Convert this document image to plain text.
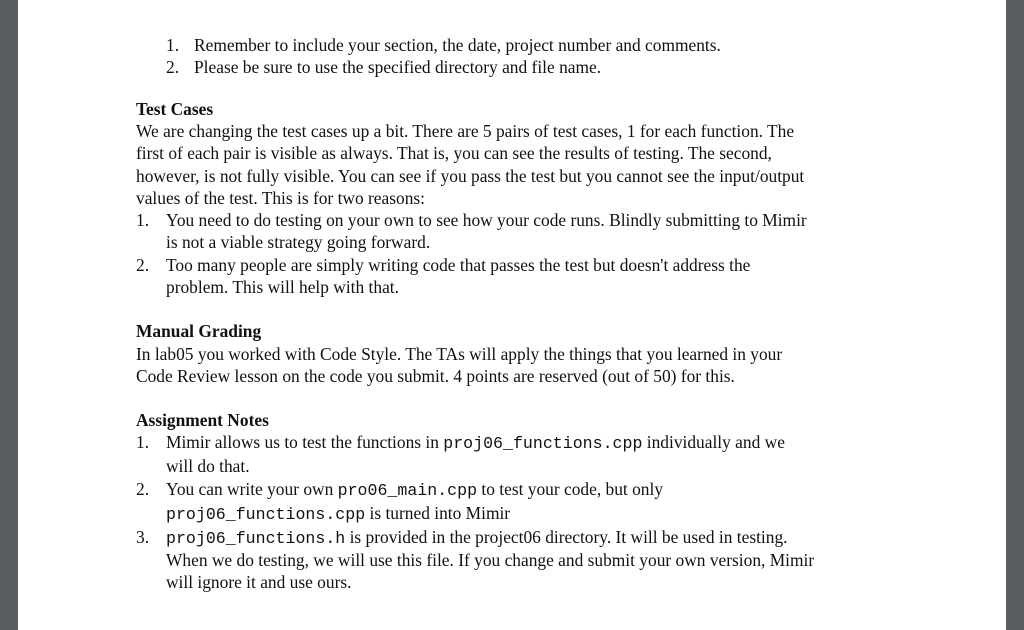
1. Remember to include your section, the date, project number and comments.
2. Please be sure to use the specified directory and file name.
Test Cases
We are changing the test cases up a bit. There are 5 pairs of test cases, 1 for each function. The
first of each pair is visible as always. That is, you can see the results of testing. The second,
however, is not fully visible. You can see if you pass the test but you cannot see the input/output
values of the test. This is for two reasons:
1. You need to do testing on your own to see how your code runs. Blindly submitting to Mimir
is not a viable strategy going forward.
2. Too many people are simply writing code that passes the test but doesn't address the
problem. This will help with that.
Manual Grading
In lab05 you worked with Code Style. The TAs will apply the things that you learned in your
Code Review lesson on the code you submit. 4 points are reserved (out of 50) for this.
Assignment Notes
1. Mimir allows us to test the functions in proj06_functions.cpp individually and we
will do that.
2. You can write your own pro06_main.cpp to test your code, but only
proj06_functions.cpp is turned into Mimir
3. proj06_functions.h is provided in the project06 directory. It will be used in testing.
When we do testing, we will use this file. If you change and submit your own version, Mimir
will ignore it and use ours.
